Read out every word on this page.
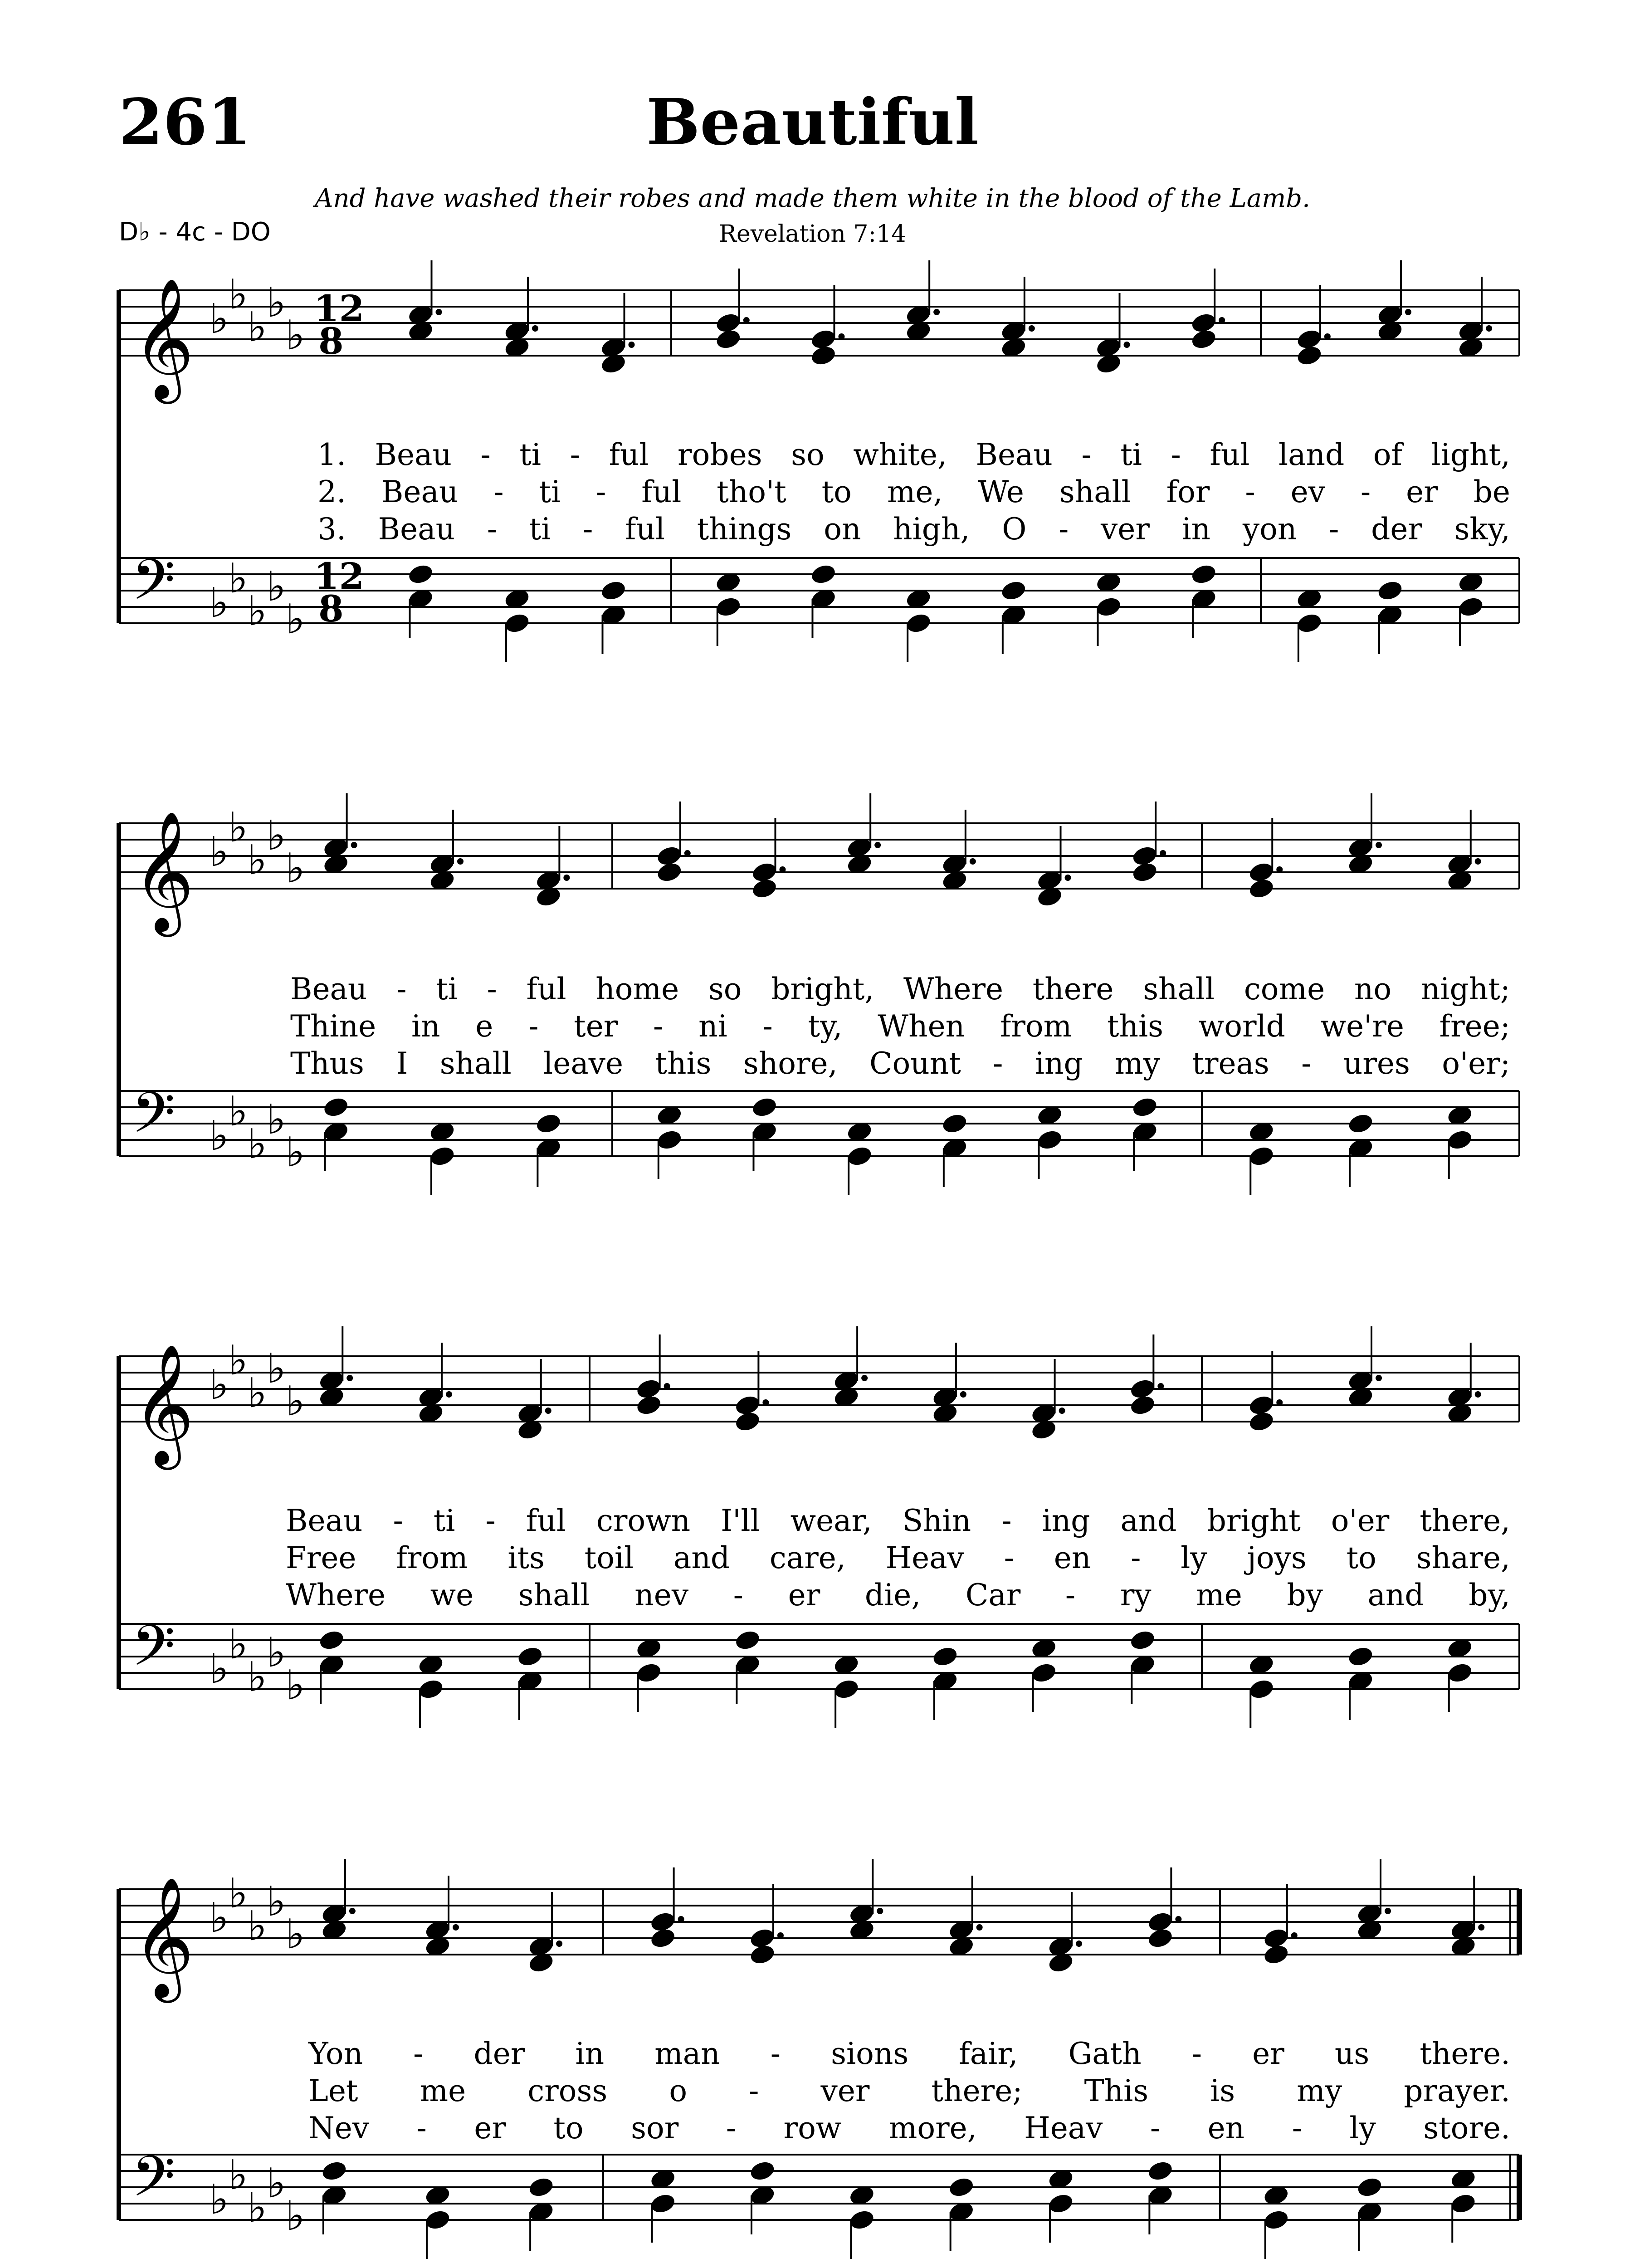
261	Beautiful
And have washed their robes and made them white in the blood of the Lamb.
D♭ - 4c - DO	Revelation 7:14
𝄞 ♭
♭
♭
♭
♭
𝄢 ♭
♭
♭
♭
♭
12
8
12
8
𝄞 ♭
♭
♭
♭
♭
𝄢 ♭
♭
♭
♭
♭
𝄞 ♭
♭
♭
♭
♭
𝄢 ♭
♭
♭
♭
♭
𝄞 ♭
♭
♭
♭
♭
𝄢 ♭
♭
♭
♭
♭
1. Beau - ti - ful robes so white, Beau - ti - ful land of light,
2. Beau - ti - ful tho't to me, We shall for - ev - er be
3. Beau - ti - ful things on high, O - ver in yon - der sky,
Beau - ti - ful home so bright, Where there shall come no night;
Thine in e - ter - ni - ty, When from this world we're free;
Thus I shall leave this shore, Count - ing my treas - ures o'er;
Beau - ti - ful crown I'll wear, Shin - ing and bright o'er there,
Free from its toil and care, Heav - en - ly joys to share,
Where we shall nev - er die, Car - ry me by and by,
Yon - der in man - sions fair, Gath - er us there.
Let me cross o - ver there; This is my prayer.
Nev - er to sor - row more, Heav - en - ly store.
